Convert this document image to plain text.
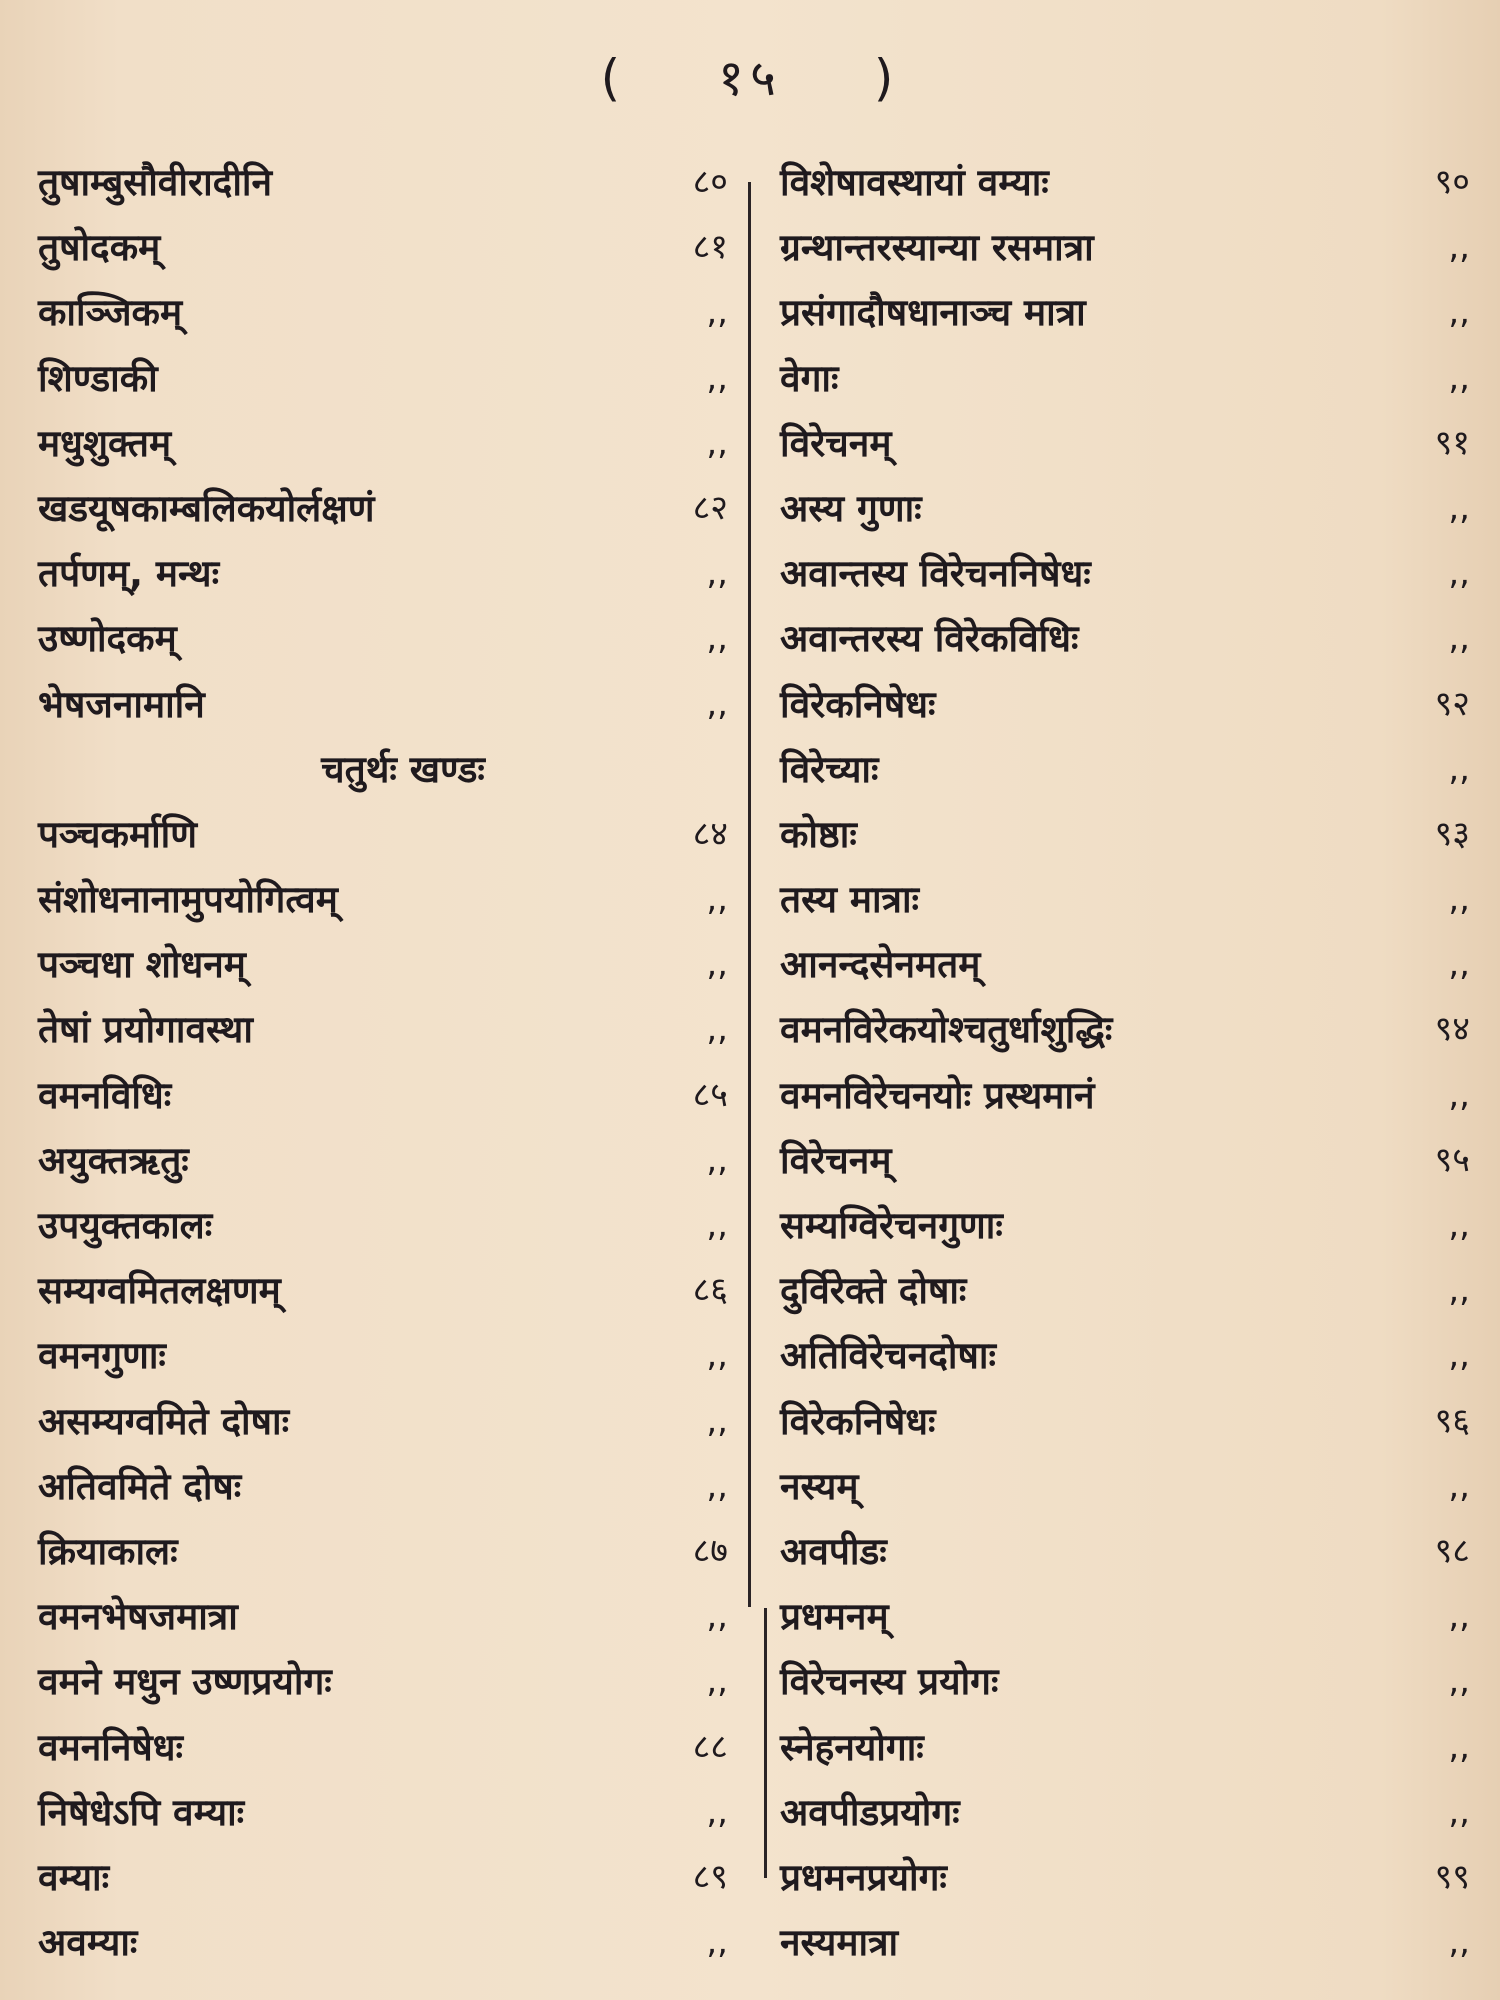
( १५ )
तुषाम्बुसौवीरादीनि	८०
तुषोदकम्	८१
काञ्जिकम्	,,
शिण्डाकी	,,
मधुशुक्तम्	,,
खडयूषकाम्बलिकयोर्लक्षणं	८२
तर्पणम्, मन्थः	,,
उष्णोदकम्	,,
भेषजनामानि	,,
चतुर्थः खण्डः
पञ्चकर्माणि	८४
संशोधनानामुपयोगित्वम्	,,
पञ्चधा शोधनम्	,,
तेषां प्रयोगावस्था	,,
वमनविधिः	८५
अयुक्तऋतुः	,,
उपयुक्तकालः	,,
सम्यग्वमितलक्षणम्	८६
वमनगुणाः	,,
असम्यग्वमिते दोषाः	,,
अतिवमिते दोषः	,,
क्रियाकालः	८७
वमनभेषजमात्रा	,,
वमने मधुन उष्णप्रयोगः	,,
वमननिषेधः	८८
निषेधेऽपि वम्याः	,,
वम्याः	८९
अवम्याः	,,
विशेषावस्थायां वम्याः	९०
ग्रन्थान्तरस्यान्या रसमात्रा	,,
प्रसंगादौषधानाञ्च मात्रा	,,
वेगाः	,,
विरेचनम्	९१
अस्य गुणाः	,,
अवान्तस्य विरेचननिषेधः	,,
अवान्तरस्य विरेकविधिः	,,
विरेकनिषेधः	९२
विरेच्याः	,,
कोष्ठाः	९३
तस्य मात्राः	,,
आनन्दसेनमतम्	,,
वमनविरेकयोश्चतुर्धाशुद्धिः	९४
वमनविरेचनयोः प्रस्थमानं	,,
विरेचनम्	९५
सम्यग्विरेचनगुणाः	,,
दुर्विरेक्ते दोषाः	,,
अतिविरेचनदोषाः	,,
विरेकनिषेधः	९६
नस्यम्	,,
अवपीडः	९८
प्रधमनम्	,,
विरेचनस्य प्रयोगः	,,
स्नेहनयोगाः	,,
अवपीडप्रयोगः	,,
प्रधमनप्रयोगः	९९
नस्यमात्रा	,,
